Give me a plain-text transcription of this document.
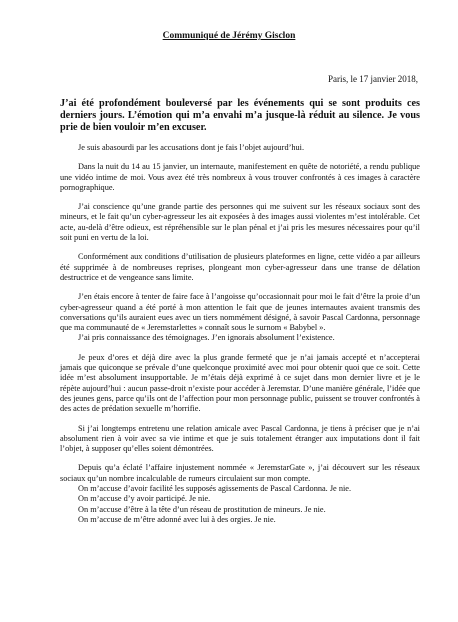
Communiqué de Jérémy Gisclon
Paris, le 17 janvier 2018,
J’ai été profondément bouleversé par les événements qui se sont produits ces derniers jours. L’émotion qui m’a envahi m’a jusque-là réduit au silence. Je vous prie de bien vouloir m’en excuser.

Je suis abasourdi par les accusations dont je fais l’objet aujourd’hui.

Dans la nuit du 14 au 15 janvier, un internaute, manifestement en quête de notoriété, a rendu publique une vidéo intime de moi. Vous avez été très nombreux à vous trouver confrontés à ces images à caractère pornographique.

J’ai conscience qu’une grande partie des personnes qui me suivent sur les réseaux sociaux sont des mineurs, et le fait qu’un cyber-agresseur les ait exposées à des images aussi violentes m’est intolérable. Cet acte, au-delà d’être odieux, est répréhensible sur le plan pénal et j’ai pris les mesures nécessaires pour qu’il soit puni en vertu de la loi.

Conformément aux conditions d’utilisation de plusieurs plateformes en ligne, cette vidéo a par ailleurs été supprimée à de nombreuses reprises, plongeant mon cyber-agresseur dans une transe de délation destructrice et de vengeance sans limite.

J’en étais encore à tenter de faire face à l’angoisse qu’occasionnait pour moi le fait d’être la proie d’un cyber-agresseur quand a été porté à mon attention le fait que de jeunes internautes avaient transmis des conversations qu’ils auraient eues avec un tiers nommément désigné, à savoir Pascal Cardonna, personnage que ma communauté de « Jeremstarlettes » connaît sous le surnom « Babybel ».

J’ai pris connaissance des témoignages. J’en ignorais absolument l’existence.

Je peux d’ores et déjà dire avec la plus grande fermeté que je n’ai jamais accepté et n’accepterai jamais que quiconque se prévale d’une quelconque proximité avec moi pour obtenir quoi que ce soit. Cette idée m’est absolument insupportable. Je m’étais déjà exprimé à ce sujet dans mon dernier livre et je le répète aujourd’hui : aucun passe-droit n’existe pour accéder à Jeremstar. D’une manière générale, l’idée que des jeunes gens, parce qu’ils ont de l’affection pour mon personnage public, puissent se trouver confrontés à des actes de prédation sexuelle m’horrifie.

Si j’ai longtemps entretenu une relation amicale avec Pascal Cardonna, je tiens à préciser que je n’ai absolument rien à voir avec sa vie intime et que je suis totalement étranger aux imputations dont il fait l’objet, à supposer qu’elles soient démontrées.

Depuis qu’a éclaté l’affaire injustement nommée « JeremstarGate », j’ai découvert sur les réseaux sociaux qu’un nombre incalculable de rumeurs circulaient sur mon compte.

On m’accuse d’avoir facilité les supposés agissements de Pascal Cardonna. Je nie.
On m’accuse d’y avoir participé. Je nie.
On m’accuse d’être à la tête d’un réseau de prostitution de mineurs. Je nie.
On m’accuse de m’être adonné avec lui à des orgies. Je nie.
